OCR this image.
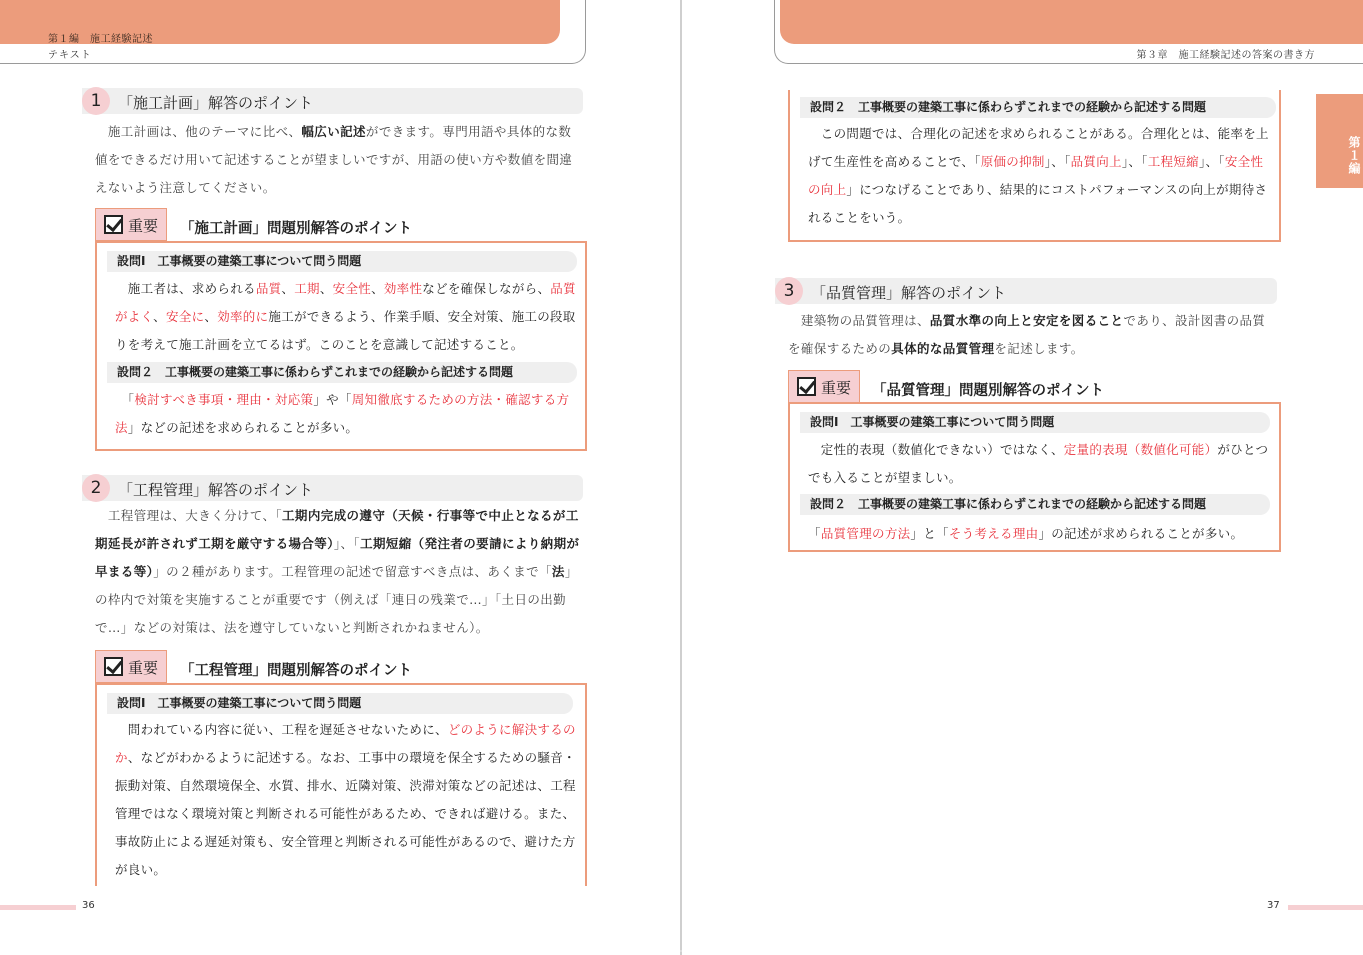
第１編　施工経験記述
テキスト
1	「施工計画」解答のポイント
　施工計画は、他のテーマに比べ、幅広い記述ができます。専門用語や具体的な数値をできるだけ用いて記述することが望ましいですが、用語の使い方や数値を間違えないよう注意してください。
重要 「施工計画」問題別解答のポイント
設問Ⅰ　工事概要の建築工事について問う問題
　施工者は、求められる品質、工期、安全性、効率性などを確保しながら、品質がよく、安全に、効率的に施工ができるよう、作業手順、安全対策、施工の段取りを考えて施工計画を立てるはず。このことを意識して記述すること。
設問２　工事概要の建築工事に係わらずこれまでの経験から記述する問題
　「検討すべき事項・理由・対応策」や「周知徹底するための方法・確認する方法」などの記述を求められることが多い。
2	「工程管理」解答のポイント
　工程管理は、大きく分けて、「工期内完成の遵守（天候・行事等で中止となるが工期延長が許されず工期を厳守する場合等）」、「工期短縮（発注者の要請により納期が早まる等）」の２種があります。工程管理の記述で留意すべき点は、あくまで「法」の枠内で対策を実施することが重要です（例えば「連日の残業で…」「土日の出勤で…」などの対策は、法を遵守していないと判断されかねません）。
重要 「工程管理」問題別解答のポイント
設問Ⅰ　工事概要の建築工事について問う問題
　問われている内容に従い、工程を遅延させないために、どのように解決するのか、などがわかるように記述する。なお、工事中の環境を保全するための騒音・振動対策、自然環境保全、水質、排水、近隣対策、渋滞対策などの記述は、工程管理ではなく環境対策と判断される可能性があるため、できれば避ける。また、事故防止による遅延対策も、安全管理と判断される可能性があるので、避けた方が良い。
36
第３章　施工経験記述の答案の書き方
第１編
設問２　工事概要の建築工事に係わらずこれまでの経験から記述する問題
　この問題では、合理化の記述を求められることがある。合理化とは、能率を上げて生産性を高めることで、「原価の抑制」、「品質向上」、「工程短縮」、「安全性の向上」につなげることであり、結果的にコストパフォーマンスの向上が期待されることをいう。
3	「品質管理」解答のポイント
　建築物の品質管理は、品質水準の向上と安定を図ることであり、設計図書の品質を確保するための具体的な品質管理を記述します。
重要 「品質管理」問題別解答のポイント
設問Ⅰ　工事概要の建築工事について問う問題
　定性的表現（数値化できない）ではなく、定量的表現（数値化可能）がひとつでも入ることが望ましい。
設問２　工事概要の建築工事に係わらずこれまでの経験から記述する問題
「品質管理の方法」と「そう考える理由」の記述が求められることが多い。
37
